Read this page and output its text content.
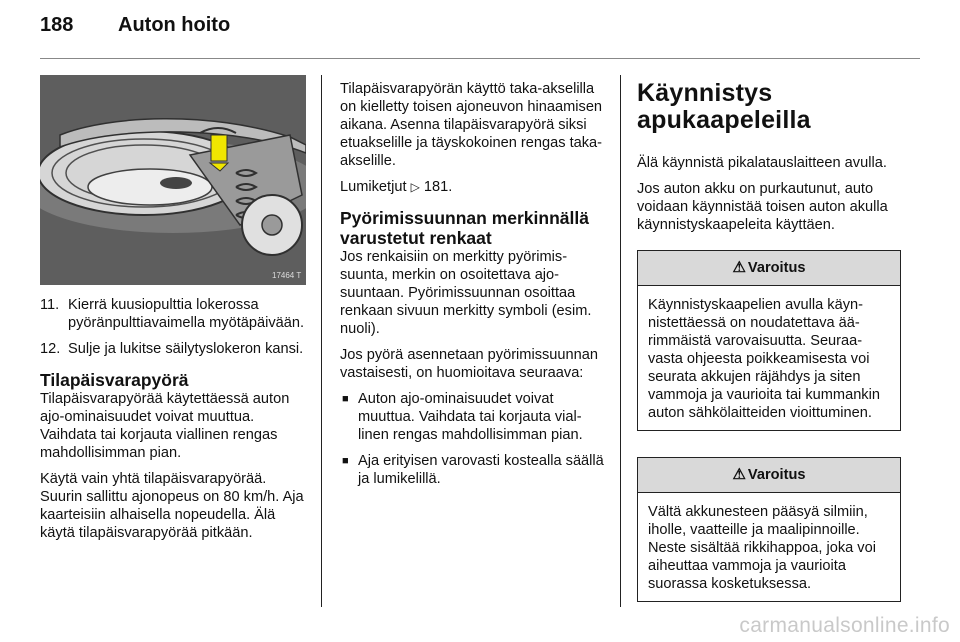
188 Auton hoito
17464 T
11. Kierrä kuusiopulttia lokerossa pyöränpulttiavaimella myötäpäivään.
12. Sulje ja lukitse säilytyslokeron kansi.
Tilapäisvarapyörä

Tilapäisvarapyörää käytettäessä auton ajo-ominaisuudet voivat muuttua. Vaihdata tai korjauta viallinen rengas mahdollisimman pian.

Käytä vain yhtä tilapäisvarapyörää. Suurin sallittu ajonopeus on 80 km/h. Aja kaarteisiin alhaisella nopeudella. Älä käytä tilapäisvarapyörää pitkään.

Tilapäisvarapyörän käyttö taka-akselilla on kielletty toisen ajoneuvon hinaamisen aikana. Asenna tilapäisvarapyörä siksi etuakselille ja täyskokoinen rengas taka-akselille.

Lumiketjut ▷ 181.

Pyörimissuunnan merkinnällä varustetut renkaat

Jos renkaisiin on merkitty pyörimissuunta, merkin on osoitettava ajosuuntaan. Pyörimissuunnan osoittaa renkaan sivuun merkitty symboli (esim. nuoli).

Jos pyörä asennetaan pyörimissuunnan vastaisesti, on huomioitava seuraava:

■ Auton ajo-ominaisuudet voivat muuttua. Vaihdata tai korjauta viallinen rengas mahdollisimman pian.
■ Aja erityisen varovasti kostealla säällä ja lumikelillä.
Käynnistys apukaapeleilla

Älä käynnistä pikalatauslaitteen avulla.

Jos auton akku on purkautunut, auto voidaan käynnistää toisen auton akulla käynnistyskaapeleita käyttäen.

⚠ Varoitus
Käynnistyskaapelien avulla käynnistettäessä on noudatettava äärimmäistä varovaisuutta. Seuraavasta ohjeesta poikkeamisesta voi seurata akkujen räjähdys ja siten vammoja ja vaurioita tai kummankin auton sähkölaitteiden vioittuminen.
⚠ Varoitus
Vältä akkunesteen pääsyä silmiin, iholle, vaatteille ja maalipinnoille. Neste sisältää rikkihappoa, joka voi aiheuttaa vammoja ja vaurioita suorassa kosketuksessa.
carmanualsonline.info
